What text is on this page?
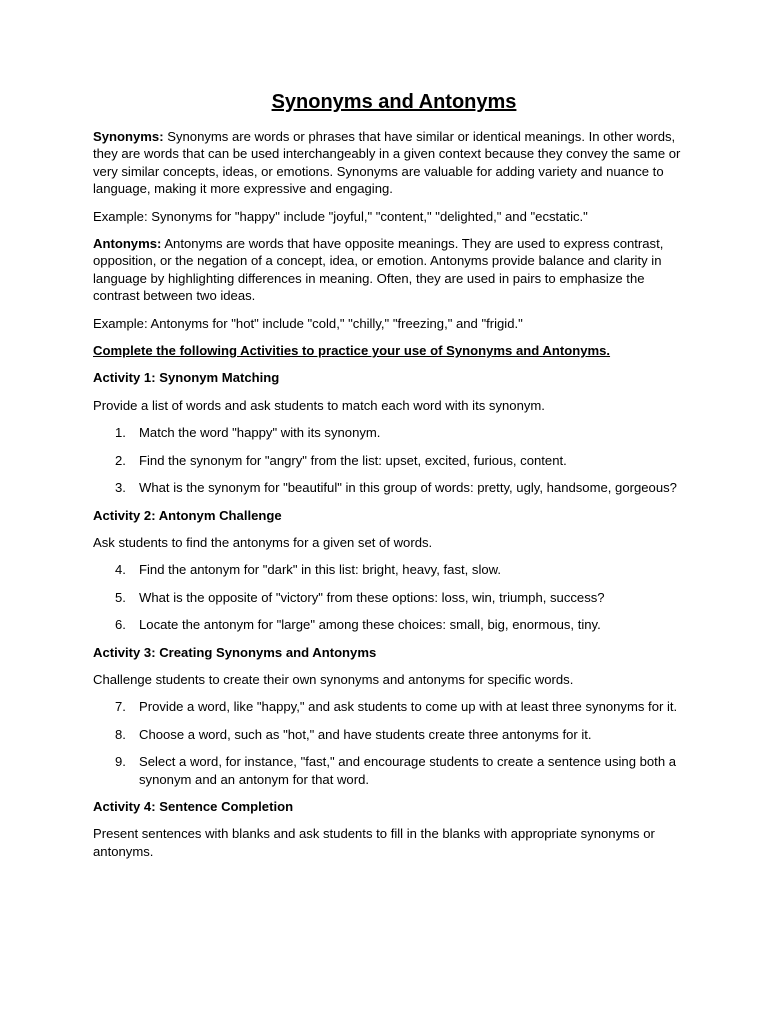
Synonyms and Antonyms

Synonyms: Synonyms are words or phrases that have similar or identical meanings. In other words, they are words that can be used interchangeably in a given context because they convey the same or very similar concepts, ideas, or emotions. Synonyms are valuable for adding variety and nuance to language, making it more expressive and engaging.

Example: Synonyms for "happy" include "joyful," "content," "delighted," and "ecstatic."

Antonyms: Antonyms are words that have opposite meanings. They are used to express contrast, opposition, or the negation of a concept, idea, or emotion. Antonyms provide balance and clarity in language by highlighting differences in meaning. Often, they are used in pairs to emphasize the contrast between two ideas.

Example: Antonyms for "hot" include "cold," "chilly," "freezing," and "frigid."

Complete the following Activities to practice your use of Synonyms and Antonyms.

Activity 1: Synonym Matching

Provide a list of words and ask students to match each word with its synonym.

1. Match the word "happy" with its synonym.
2. Find the synonym for "angry" from the list: upset, excited, furious, content.
3. What is the synonym for "beautiful" in this group of words: pretty, ugly, handsome, gorgeous?

Activity 2: Antonym Challenge

Ask students to find the antonyms for a given set of words.

4. Find the antonym for "dark" in this list: bright, heavy, fast, slow.
5. What is the opposite of "victory" from these options: loss, win, triumph, success?
6. Locate the antonym for "large" among these choices: small, big, enormous, tiny.

Activity 3: Creating Synonyms and Antonyms

Challenge students to create their own synonyms and antonyms for specific words.

7. Provide a word, like "happy," and ask students to come up with at least three synonyms for it.
8. Choose a word, such as "hot," and have students create three antonyms for it.
9. Select a word, for instance, "fast," and encourage students to create a sentence using both a synonym and an antonym for that word.

Activity 4: Sentence Completion

Present sentences with blanks and ask students to fill in the blanks with appropriate synonyms or antonyms.
